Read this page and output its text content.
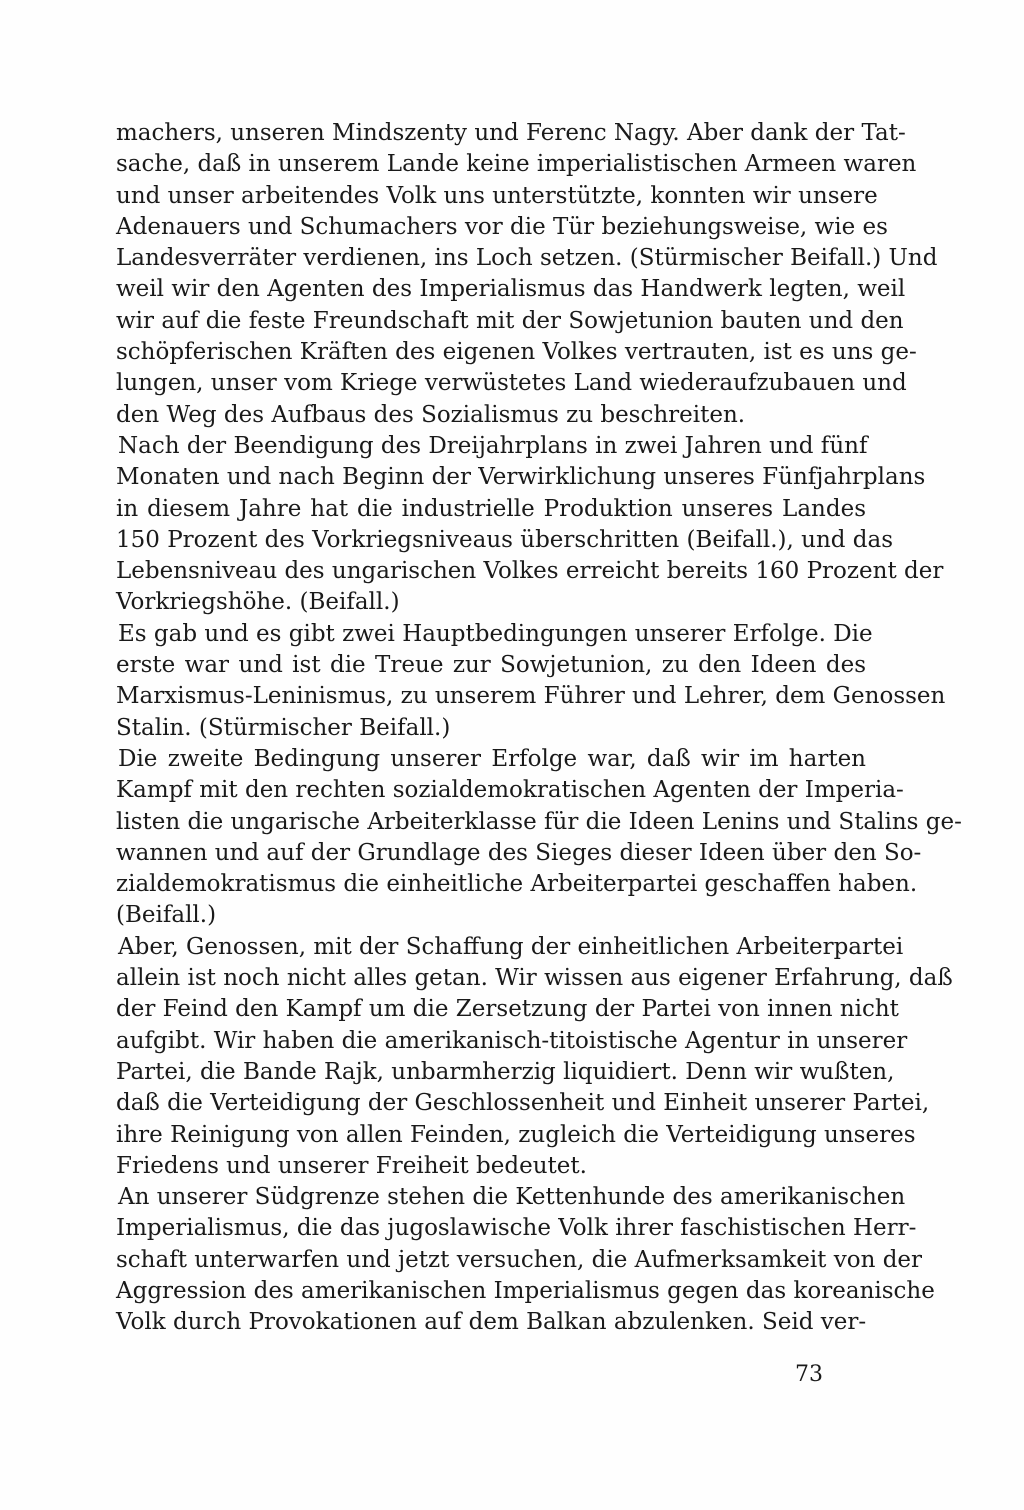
machers, unseren Mindszenty und Ferenc Nagy. Aber dank der Tat-
sache, daß in unserem Lande keine imperialistischen Armeen waren
und unser arbeitendes Volk uns unterstützte, konnten wir unsere
Adenauers und Schumachers vor die Tür beziehungsweise, wie es
Landesverräter verdienen, ins Loch setzen. (Stürmischer Beifall.) Und
weil wir den Agenten des Imperialismus das Handwerk legten, weil
wir auf die feste Freundschaft mit der Sowjetunion bauten und den
schöpferischen Kräften des eigenen Volkes vertrauten, ist es uns ge-
lungen, unser vom Kriege verwüstetes Land wiederaufzubauen und
den Weg des Aufbaus des Sozialismus zu beschreiten.
Nach der Beendigung des Dreijahrplans in zwei Jahren und fünf
Monaten und nach Beginn der Verwirklichung unseres Fünfjahrplans
in diesem Jahre hat die industrielle Produktion unseres Landes
150 Prozent des Vorkriegsniveaus überschritten (Beifall.), und das
Lebensniveau des ungarischen Volkes erreicht bereits 160 Prozent der
Vorkriegshöhe. (Beifall.)
Es gab und es gibt zwei Hauptbedingungen unserer Erfolge. Die
erste war und ist die Treue zur Sowjetunion, zu den Ideen des
Marxismus-Leninismus, zu unserem Führer und Lehrer, dem Genossen
Stalin. (Stürmischer Beifall.)
Die zweite Bedingung unserer Erfolge war, daß wir im harten
Kampf mit den rechten sozialdemokratischen Agenten der Imperia-
listen die ungarische Arbeiterklasse für die Ideen Lenins und Stalins ge-
wannen und auf der Grundlage des Sieges dieser Ideen über den So-
zialdemokratismus die einheitliche Arbeiterpartei geschaffen haben.
(Beifall.)
Aber, Genossen, mit der Schaffung der einheitlichen Arbeiterpartei
allein ist noch nicht alles getan. Wir wissen aus eigener Erfahrung, daß
der Feind den Kampf um die Zersetzung der Partei von innen nicht
aufgibt. Wir haben die amerikanisch-titoistische Agentur in unserer
Partei, die Bande Rajk, unbarmherzig liquidiert. Denn wir wußten,
daß die Verteidigung der Geschlossenheit und Einheit unserer Partei,
ihre Reinigung von allen Feinden, zugleich die Verteidigung unseres
Friedens und unserer Freiheit bedeutet.
An unserer Südgrenze stehen die Kettenhunde des amerikanischen
Imperialismus, die das jugoslawische Volk ihrer faschistischen Herr-
schaft unterwarfen und jetzt versuchen, die Aufmerksamkeit von der
Aggression des amerikanischen Imperialismus gegen das koreanische
Volk durch Provokationen auf dem Balkan abzulenken. Seid ver-
73
